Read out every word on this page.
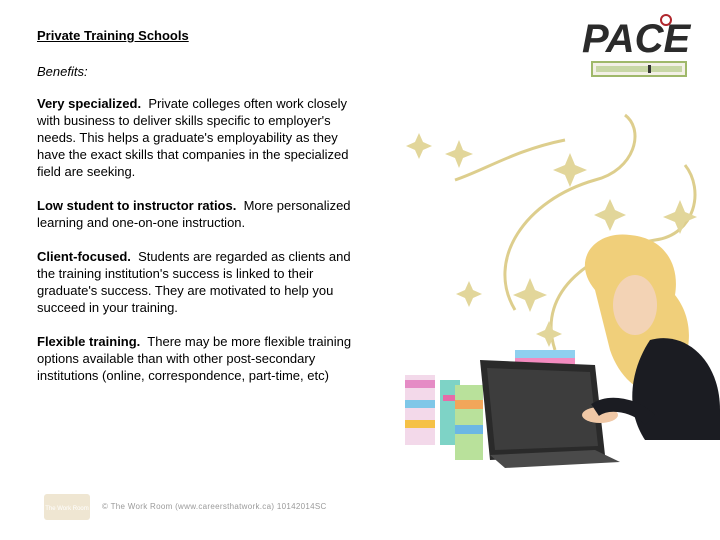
Private Training Schools
Benefits:

Very specialized. Private colleges often work closely with business to deliver skills specific to employer's needs. This helps a graduate's employability as they have the exact skills that companies in the specialized field are seeking.

Low student to instructor ratios. More personalized learning and one-on-one instruction.

Client-focused. Students are regarded as clients and the training institution's success is linked to their graduate's success. They are motivated to help you succeed in your training.

Flexible training. There may be more flexible training options available than with other post-secondary institutions (online, correspondence, part-time, etc)

PACE
The Work Room © The Work Room (www.careersthatwork.ca) 10142014SC
